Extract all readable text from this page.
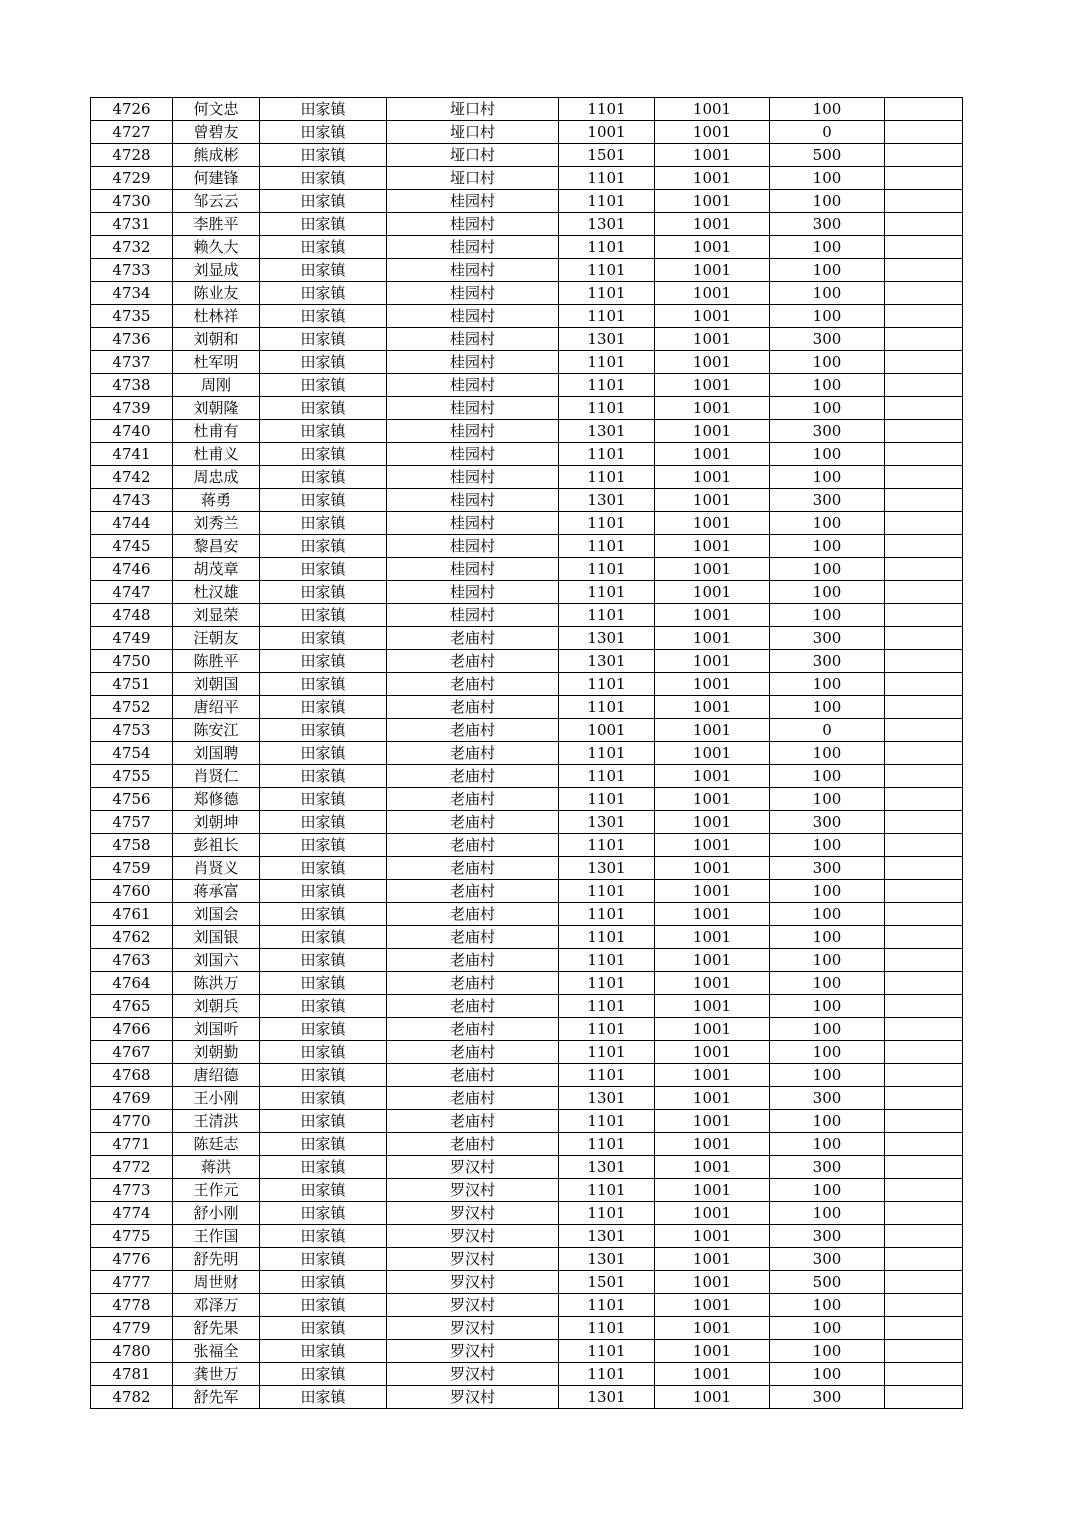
4726	何文忠	田家镇	垭口村	1101	1001	100	
4727	曾碧友	田家镇	垭口村	1001	1001	0	
4728	熊成彬	田家镇	垭口村	1501	1001	500	
4729	何建锋	田家镇	垭口村	1101	1001	100	
4730	邹云云	田家镇	桂园村	1101	1001	100	
4731	李胜平	田家镇	桂园村	1301	1001	300	
4732	赖久大	田家镇	桂园村	1101	1001	100	
4733	刘显成	田家镇	桂园村	1101	1001	100	
4734	陈业友	田家镇	桂园村	1101	1001	100	
4735	杜林祥	田家镇	桂园村	1101	1001	100	
4736	刘朝和	田家镇	桂园村	1301	1001	300	
4737	杜军明	田家镇	桂园村	1101	1001	100	
4738	周刚	田家镇	桂园村	1101	1001	100	
4739	刘朝隆	田家镇	桂园村	1101	1001	100	
4740	杜甫有	田家镇	桂园村	1301	1001	300	
4741	杜甫义	田家镇	桂园村	1101	1001	100	
4742	周忠成	田家镇	桂园村	1101	1001	100	
4743	蒋勇	田家镇	桂园村	1301	1001	300	
4744	刘秀兰	田家镇	桂园村	1101	1001	100	
4745	黎昌安	田家镇	桂园村	1101	1001	100	
4746	胡茂章	田家镇	桂园村	1101	1001	100	
4747	杜汉雄	田家镇	桂园村	1101	1001	100	
4748	刘显荣	田家镇	桂园村	1101	1001	100	
4749	汪朝友	田家镇	老庙村	1301	1001	300	
4750	陈胜平	田家镇	老庙村	1301	1001	300	
4751	刘朝国	田家镇	老庙村	1101	1001	100	
4752	唐绍平	田家镇	老庙村	1101	1001	100	
4753	陈安江	田家镇	老庙村	1001	1001	0	
4754	刘国聘	田家镇	老庙村	1101	1001	100	
4755	肖贤仁	田家镇	老庙村	1101	1001	100	
4756	郑修德	田家镇	老庙村	1101	1001	100	
4757	刘朝坤	田家镇	老庙村	1301	1001	300	
4758	彭祖长	田家镇	老庙村	1101	1001	100	
4759	肖贤义	田家镇	老庙村	1301	1001	300	
4760	蒋承富	田家镇	老庙村	1101	1001	100	
4761	刘国会	田家镇	老庙村	1101	1001	100	
4762	刘国银	田家镇	老庙村	1101	1001	100	
4763	刘国六	田家镇	老庙村	1101	1001	100	
4764	陈洪万	田家镇	老庙村	1101	1001	100	
4765	刘朝兵	田家镇	老庙村	1101	1001	100	
4766	刘国听	田家镇	老庙村	1101	1001	100	
4767	刘朝勤	田家镇	老庙村	1101	1001	100	
4768	唐绍德	田家镇	老庙村	1101	1001	100	
4769	王小刚	田家镇	老庙村	1301	1001	300	
4770	王清洪	田家镇	老庙村	1101	1001	100	
4771	陈廷志	田家镇	老庙村	1101	1001	100	
4772	蒋洪	田家镇	罗汉村	1301	1001	300	
4773	王作元	田家镇	罗汉村	1101	1001	100	
4774	舒小刚	田家镇	罗汉村	1101	1001	100	
4775	王作国	田家镇	罗汉村	1301	1001	300	
4776	舒先明	田家镇	罗汉村	1301	1001	300	
4777	周世财	田家镇	罗汉村	1501	1001	500	
4778	邓泽万	田家镇	罗汉村	1101	1001	100	
4779	舒先果	田家镇	罗汉村	1101	1001	100	
4780	张福全	田家镇	罗汉村	1101	1001	100	
4781	龚世万	田家镇	罗汉村	1101	1001	100	
4782	舒先军	田家镇	罗汉村	1301	1001	300	
